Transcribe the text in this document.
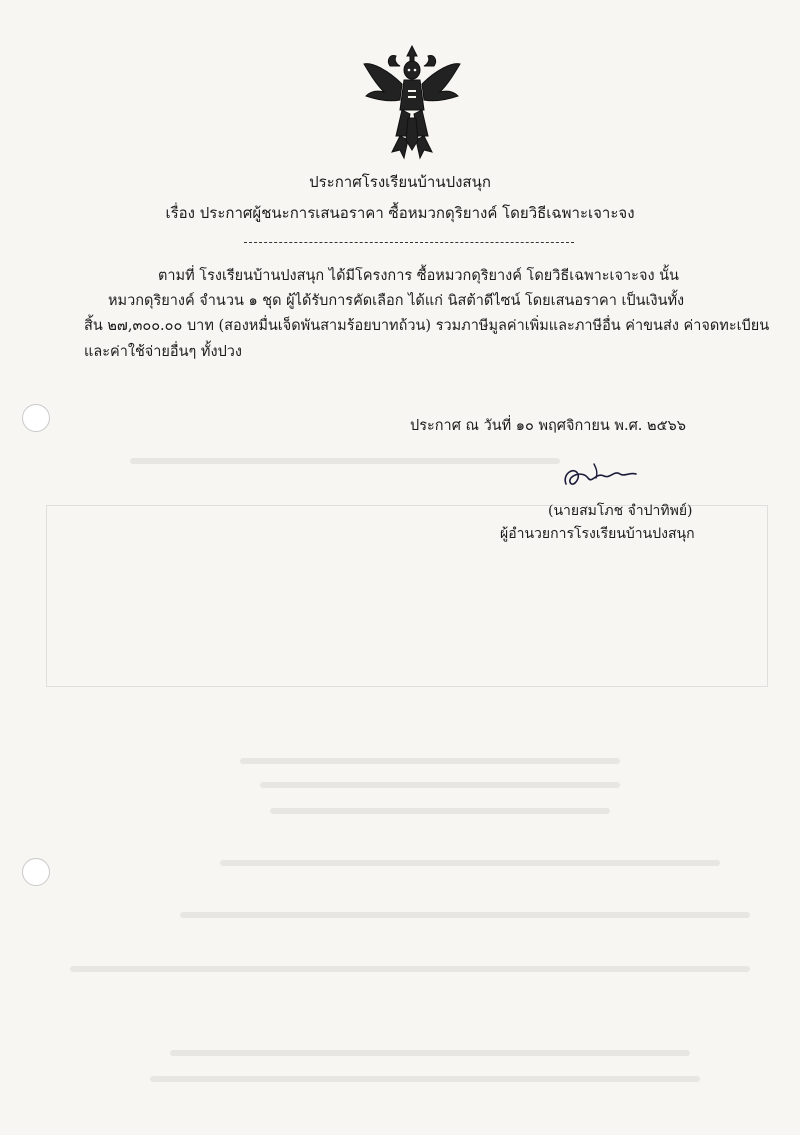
ประกาศโรงเรียนบ้านปงสนุก
เรื่อง ประกาศผู้ชนะการเสนอราคา ซื้อหมวกดุริยางค์ โดยวิธีเฉพาะเจาะจง
ตามที่ โรงเรียนบ้านปงสนุก ได้มีโครงการ ซื้อหมวกดุริยางค์ โดยวิธีเฉพาะเจาะจง นั้น
หมวกดุริยางค์ จำนวน ๑ ชุด ผู้ได้รับการคัดเลือก ได้แก่ นิสต้าดีไซน์ โดยเสนอราคา เป็นเงินทั้ง
สิ้น ๒๗,๓๐๐.๐๐ บาท (สองหมื่นเจ็ดพันสามร้อยบาทถ้วน) รวมภาษีมูลค่าเพิ่มและภาษีอื่น ค่าขนส่ง ค่าจดทะเบียน
และค่าใช้จ่ายอื่นๆ ทั้งปวง
ประกาศ ณ วันที่ ๑๐ พฤศจิกายน พ.ศ. ๒๕๖๖
(นายสมโภช จำปาทิพย์)
ผู้อำนวยการโรงเรียนบ้านปงสนุก
